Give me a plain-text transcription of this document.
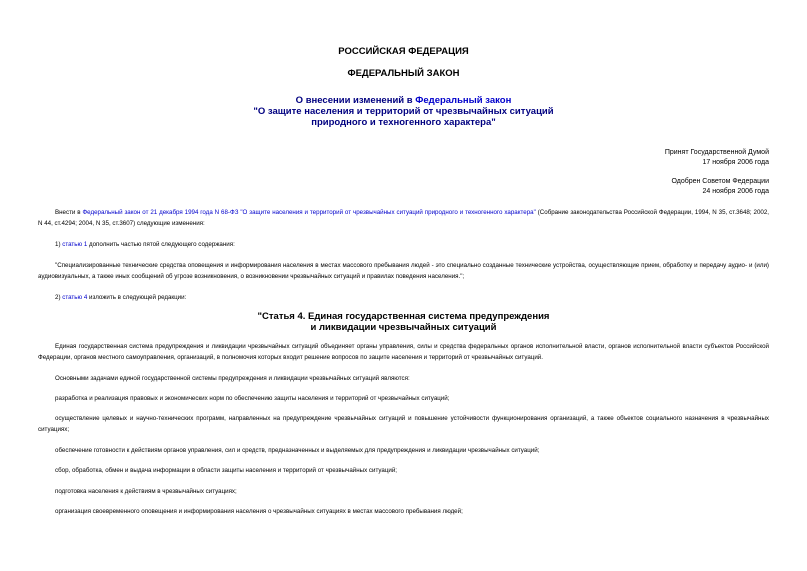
РОССИЙСКАЯ ФЕДЕРАЦИЯ
ФЕДЕРАЛЬНЫЙ ЗАКОН
О внесении изменений в Федеральный закон
"О защите населения и территорий от чрезвычайных ситуаций
природного и техногенного характера"
Принят Государственной Думой
17 ноября 2006 года
Одобрен Советом Федерации
24 ноября 2006 года
Внести в Федеральный закон от 21 декабря 1994 года N 68-ФЗ "О защите населения и территорий от чрезвычайных ситуаций природного и техногенного характера" (Собрание законодательства Российской Федерации, 1994, N 35, ст.3648; 2002, N 44, ст.4294; 2004, N 35, ст.3607) следующие изменения:
1) статью 1 дополнить частью пятой следующего содержания:
"Специализированные технические средства оповещения и информирования населения в местах массового пребывания людей - это специально созданные технические устройства, осуществляющие прием, обработку и передачу аудио- и (или) аудиовизуальных, а также иных сообщений об угрозе возникновения, о возникновении чрезвычайных ситуаций и правилах поведения населения.";
2) статью 4 изложить в следующей редакции:
"Статья 4. Единая государственная система предупреждения
и ликвидации чрезвычайных ситуаций
Единая государственная система предупреждения и ликвидации чрезвычайных ситуаций объединяет органы управления, силы и средства федеральных органов исполнительной власти, органов исполнительной власти субъектов Российской Федерации, органов местного самоуправления, организаций, в полномочия которых входит решение вопросов по защите населения и территорий от чрезвычайных ситуаций.
Основными задачами единой государственной системы предупреждения и ликвидации чрезвычайных ситуаций являются:
разработка и реализация правовых и экономических норм по обеспечению защиты населения и территорий от чрезвычайных ситуаций;
осуществление целевых и научно-технических программ, направленных на предупреждение чрезвычайных ситуаций и повышение устойчивости функционирования организаций, а также объектов социального назначения в чрезвычайных ситуациях;
обеспечение готовности к действиям органов управления, сил и средств, предназначенных и выделяемых для предупреждения и ликвидации чрезвычайных ситуаций;
сбор, обработка, обмен и выдача информации в области защиты населения и территорий от чрезвычайных ситуаций;
подготовка населения к действиям в чрезвычайных ситуациях;
организация своевременного оповещения и информирования населения о чрезвычайных ситуациях в местах массового пребывания людей;
